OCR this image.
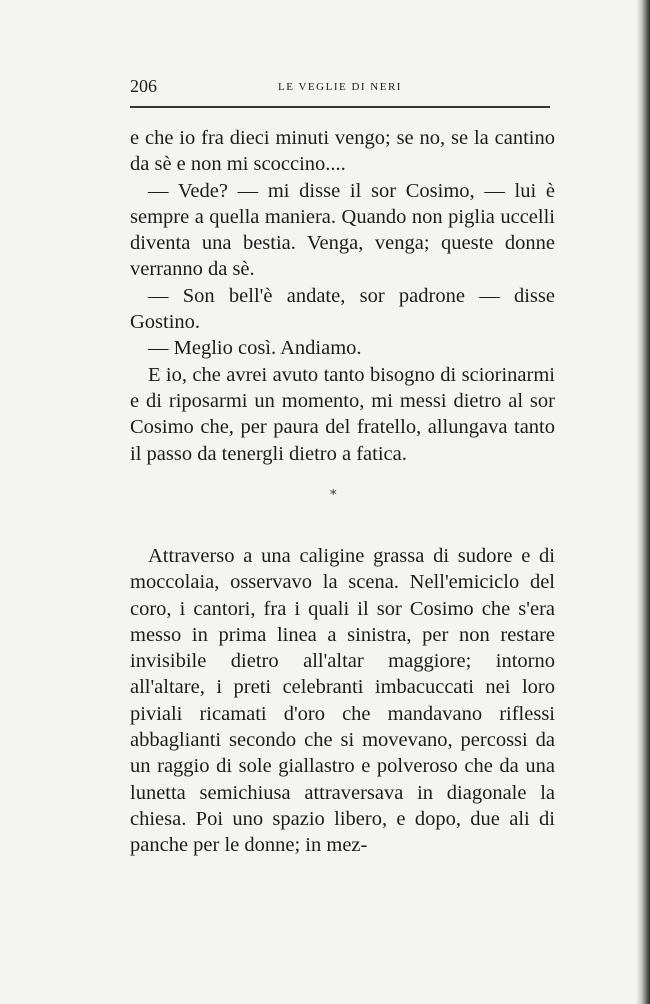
206	LE VEGLIE DI NERI

e che io fra dieci minuti vengo; se no, se la cantino da sè e non mi scoccino....

— Vede? — mi disse il sor Cosimo, — lui è sempre a quella maniera. Quando non piglia uccelli diventa una bestia. Venga, venga; queste donne verranno da sè.

— Son bell'è andate, sor padrone — disse Gostino.

— Meglio così. Andiamo.

E io, che avrei avuto tanto bisogno di sciorinarmi e di riposarmi un momento, mi messi dietro al sor Cosimo che, per paura del fratello, allungava tanto il passo da tenergli dietro a fatica.

*

Attraverso a una caligine grassa di sudore e di moccolaia, osservavo la scena. Nell'emiciclo del coro, i cantori, fra i quali il sor Cosimo che s'era messo in prima linea a sinistra, per non restare invisibile dietro all'altar maggiore; intorno all'altare, i preti celebranti imbacuccati nei loro piviali ricamati d'oro che mandavano riflessi abbaglianti secondo che si movevano, percossi da un raggio di sole giallastro e polveroso che da una lunetta semichiusa attraversava in diagonale la chiesa. Poi uno spazio libero, e dopo, due ali di panche per le donne; in mez-
